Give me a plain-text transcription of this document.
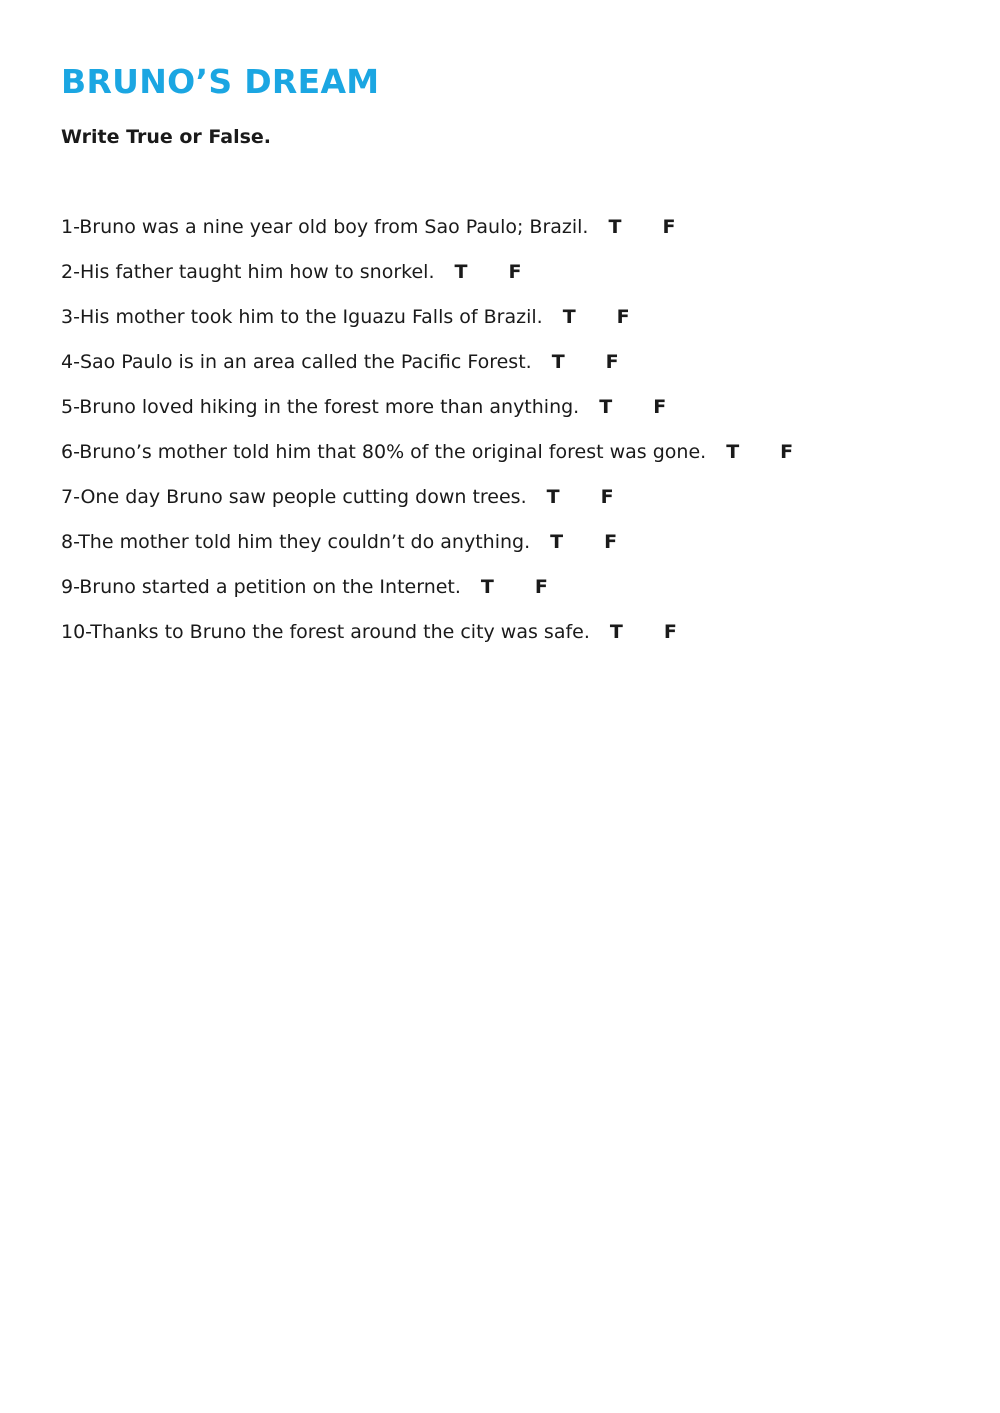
BRUNO’S DREAM

Write True or False.

1-Bruno was a nine year old boy from Sao Paulo; Brazil. T F
2-His father taught him how to snorkel. T F
3-His mother took him to the Iguazu Falls of Brazil. T F
4-Sao Paulo is in an area called the Pacific Forest. T F
5-Bruno loved hiking in the forest more than anything. T F
6-Bruno’s mother told him that 80% of the original forest was gone. T F
7-One day Bruno saw people cutting down trees. T F
8-The mother told him they couldn’t do anything. T F
9-Bruno started a petition on the Internet. T F
10-Thanks to Bruno the forest around the city was safe. T F
